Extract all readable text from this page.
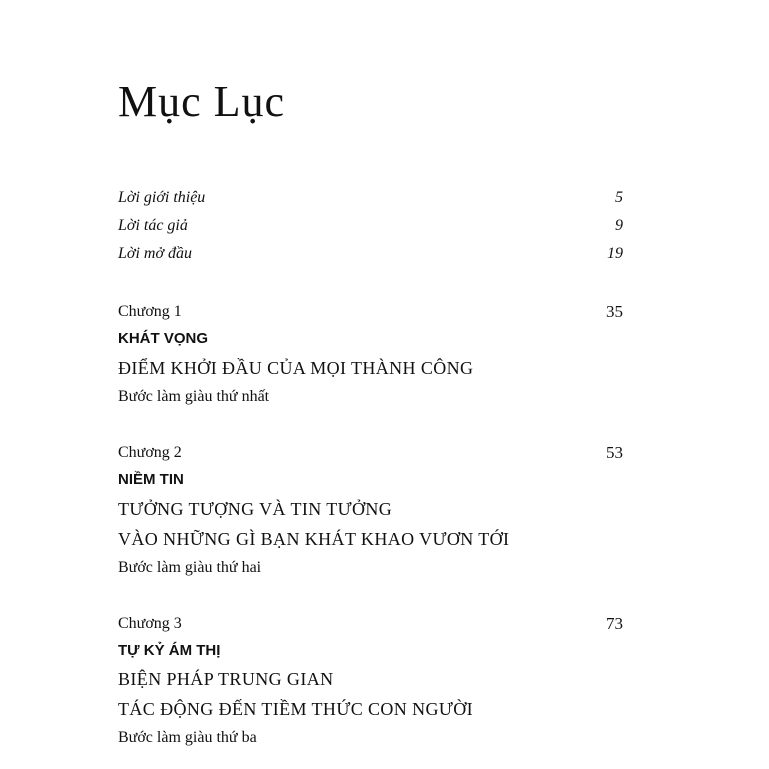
Mục Lục
Lời giới thiệu	5
Lời tác giả	9
Lời mở đầu	19
Chương 1	35
KHÁT VỌNG
ĐIỂM KHỞI ĐẦU CỦA MỌI THÀNH CÔNG
Bước làm giàu thứ nhất
Chương 2	53
NIỀM TIN
TƯỞNG TƯỢNG VÀ TIN TƯỞNG
VÀO NHỮNG GÌ BẠN KHÁT KHAO VƯƠN TỚI
Bước làm giàu thứ hai
Chương 3	73
TỰ KỶ ÁM THỊ
BIỆN PHÁP TRUNG GIAN
TÁC ĐỘNG ĐẾN TIỀM THỨC CON NGƯỜI
Bước làm giàu thứ ba
